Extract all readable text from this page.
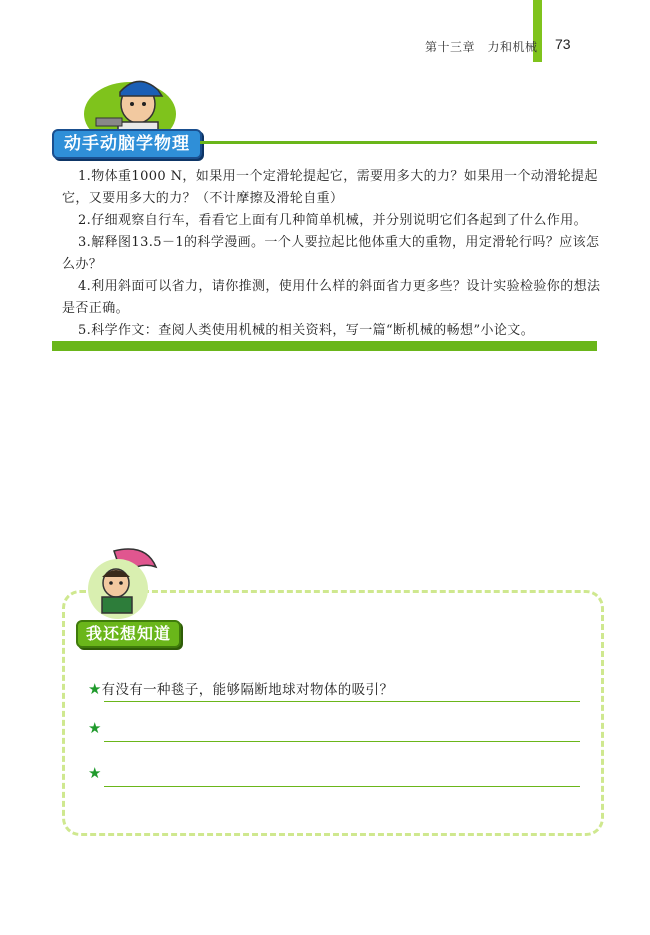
第十三章　力和机械 73
动手动脑学物理

1.物体重1000 N，如果用一个定滑轮提起它，需要用多大的力？如果用一个动滑轮提起它，又要用多大的力？（不计摩擦及滑轮自重）

2.仔细观察自行车，看看它上面有几种简单机械，并分别说明它们各起到了什么作用。

3.解释图13.5－1的科学漫画。一个人要拉起比他体重大的重物，用定滑轮行吗？应该怎么办？

4.利用斜面可以省力，请你推测，使用什么样的斜面省力更多些？设计实验检验你的想法是否正确。

5.科学作文：查阅人类使用机械的相关资料，写一篇“断机械的畅想”小论文。

我还想知道
★有没有一种毯子，能够隔断地球对物体的吸引？
★
★
